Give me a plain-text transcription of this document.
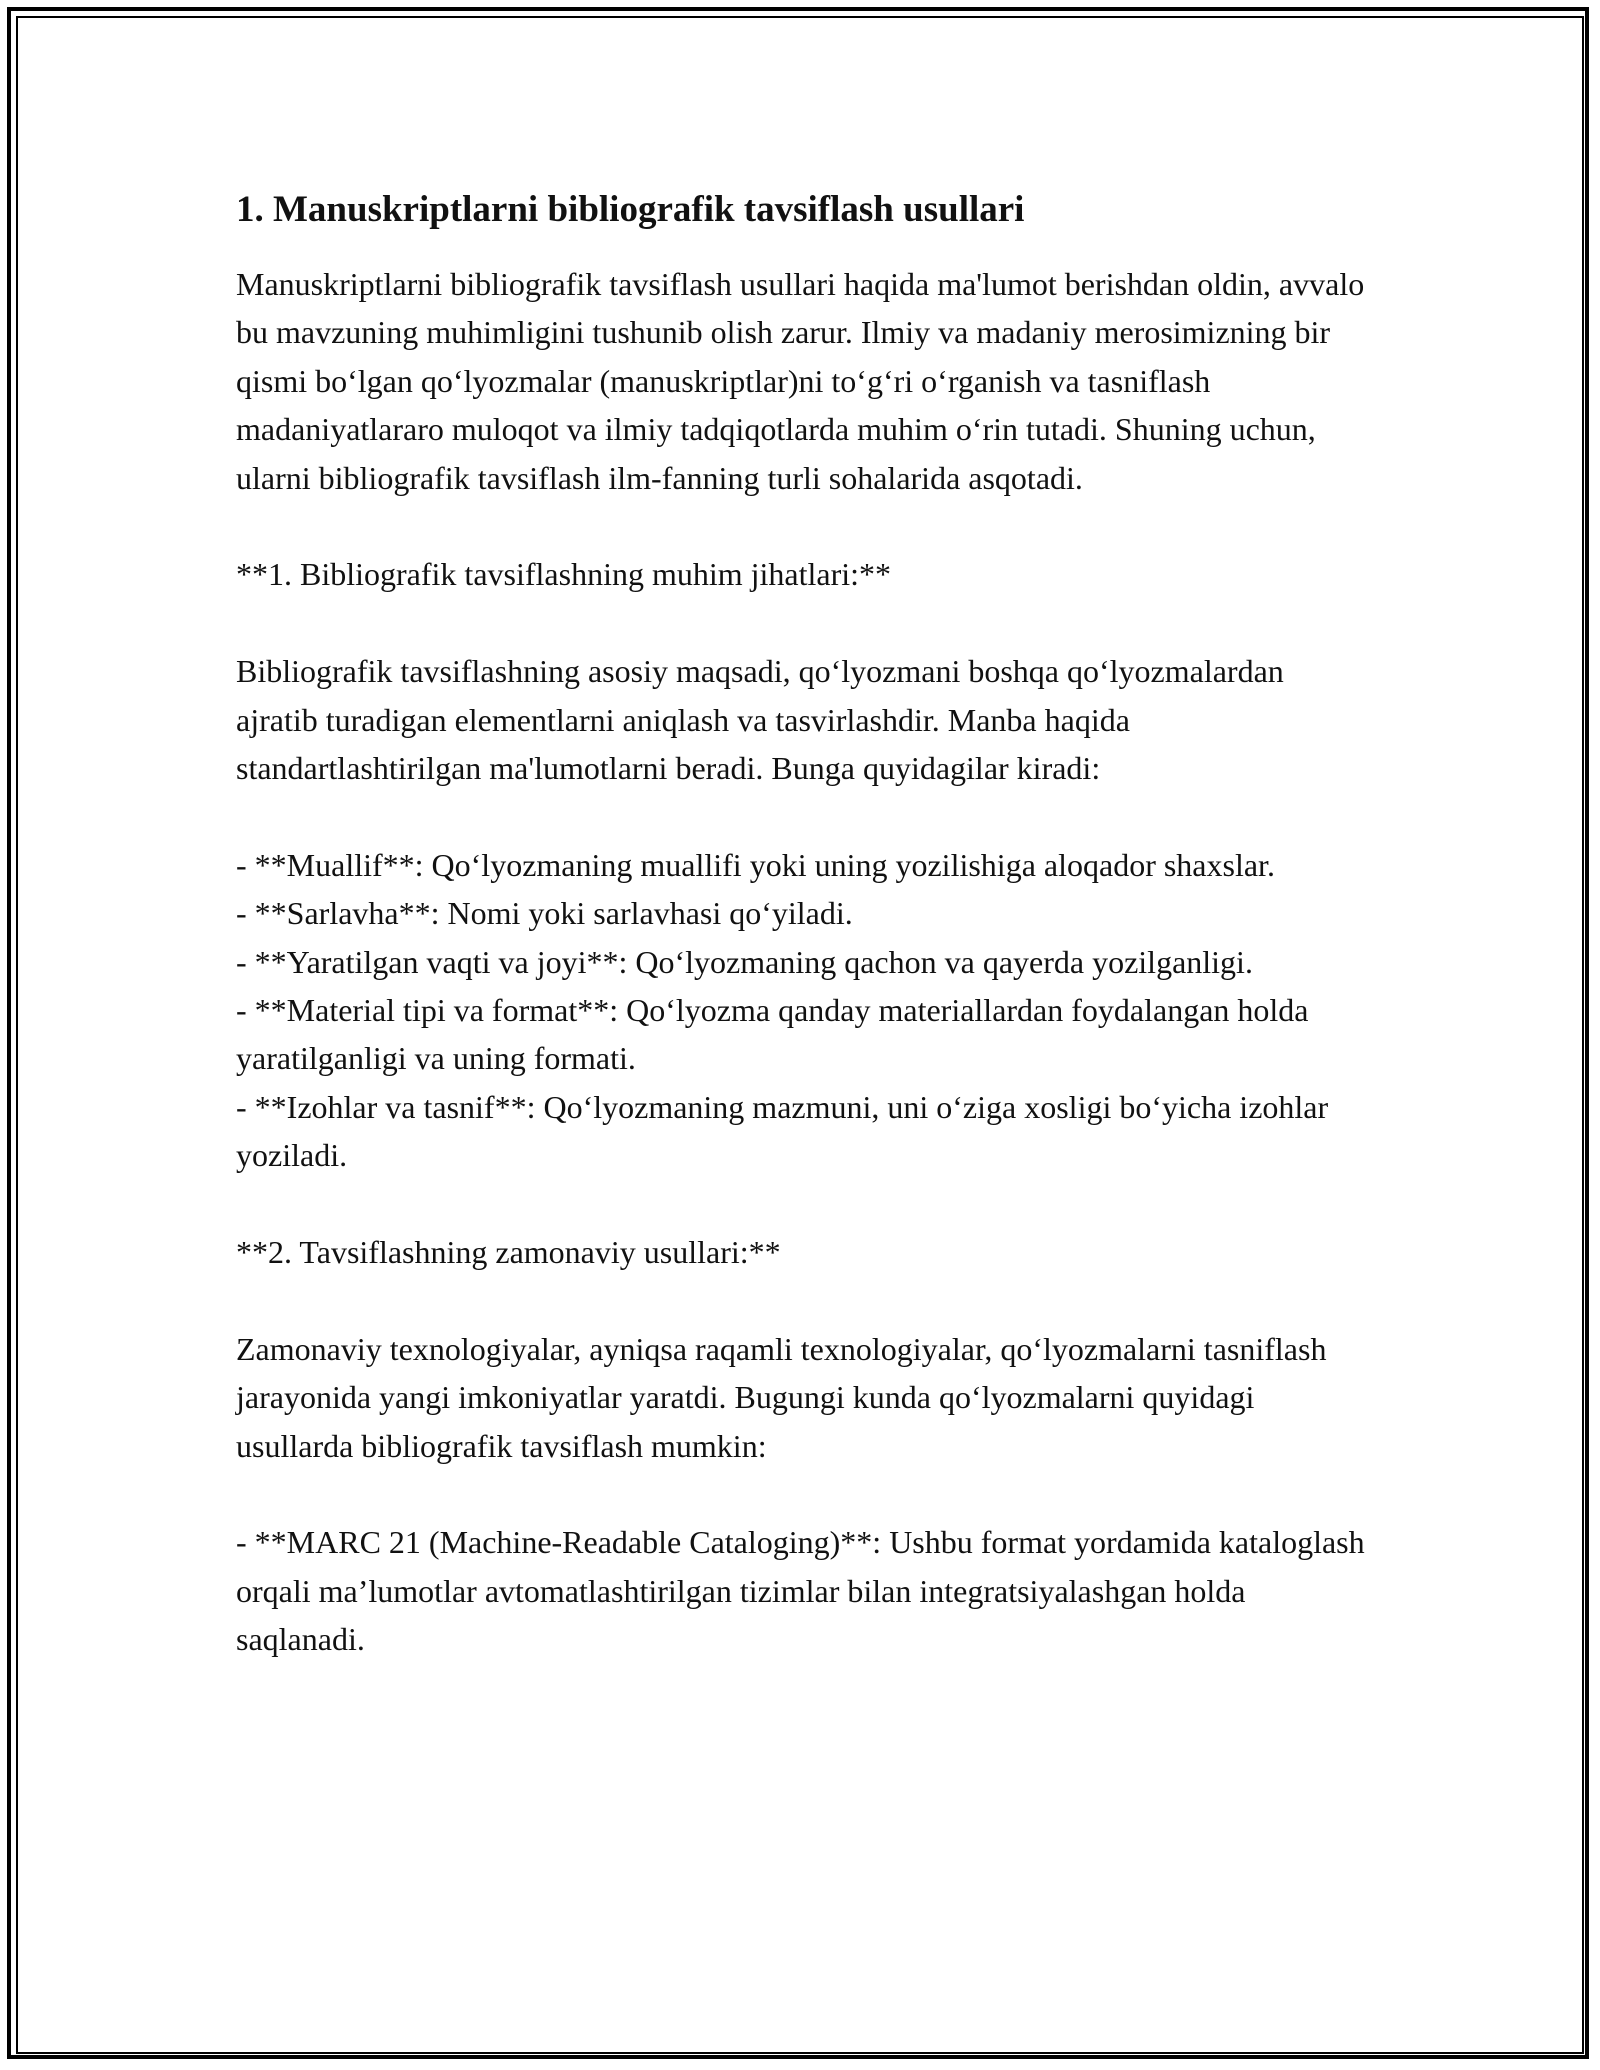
1. Manuskriptlarni bibliografik tavsiflash usullari

Manuskriptlarni bibliografik tavsiflash usullari haqida ma'lumot berishdan oldin, avvalo bu mavzuning muhimligini tushunib olish zarur. Ilmiy va madaniy merosimizning bir qismi bo‘lgan qo‘lyozmalar (manuskriptlar)ni to‘g‘ri o‘rganish va tasniflash madaniyatlararo muloqot va ilmiy tadqiqotlarda muhim o‘rin tutadi. Shuning uchun, ularni bibliografik tavsiflash ilm-fanning turli sohalarida asqotadi.

**1. Bibliografik tavsiflashning muhim jihatlari:**

Bibliografik tavsiflashning asosiy maqsadi, qo‘lyozmani boshqa qo‘lyozmalardan ajratib turadigan elementlarni aniqlash va tasvirlashdir. Manba haqida standartlashtirilgan ma'lumotlarni beradi. Bunga quyidagilar kiradi:

- **Muallif**: Qo‘lyozmaning muallifi yoki uning yozilishiga aloqador shaxslar.

- **Sarlavha**: Nomi yoki sarlavhasi qo‘yiladi.

- **Yaratilgan vaqti va joyi**: Qo‘lyozmaning qachon va qayerda yozilganligi.

- **Material tipi va format**: Qo‘lyozma qanday materiallardan foydalangan holda yaratilganligi va uning formati.

- **Izohlar va tasnif**: Qo‘lyozmaning mazmuni, uni o‘ziga xosligi bo‘yicha izohlar yoziladi.

**2. Tavsiflashning zamonaviy usullari:**

Zamonaviy texnologiyalar, ayniqsa raqamli texnologiyalar, qo‘lyozmalarni tasniflash jarayonida yangi imkoniyatlar yaratdi. Bugungi kunda qo‘lyozmalarni quyidagi usullarda bibliografik tavsiflash mumkin:

- **MARC 21 (Machine-Readable Cataloging)**: Ushbu format yordamida kataloglash orqali ma’lumotlar avtomatlashtirilgan tizimlar bilan integratsiyalashgan holda saqlanadi.
